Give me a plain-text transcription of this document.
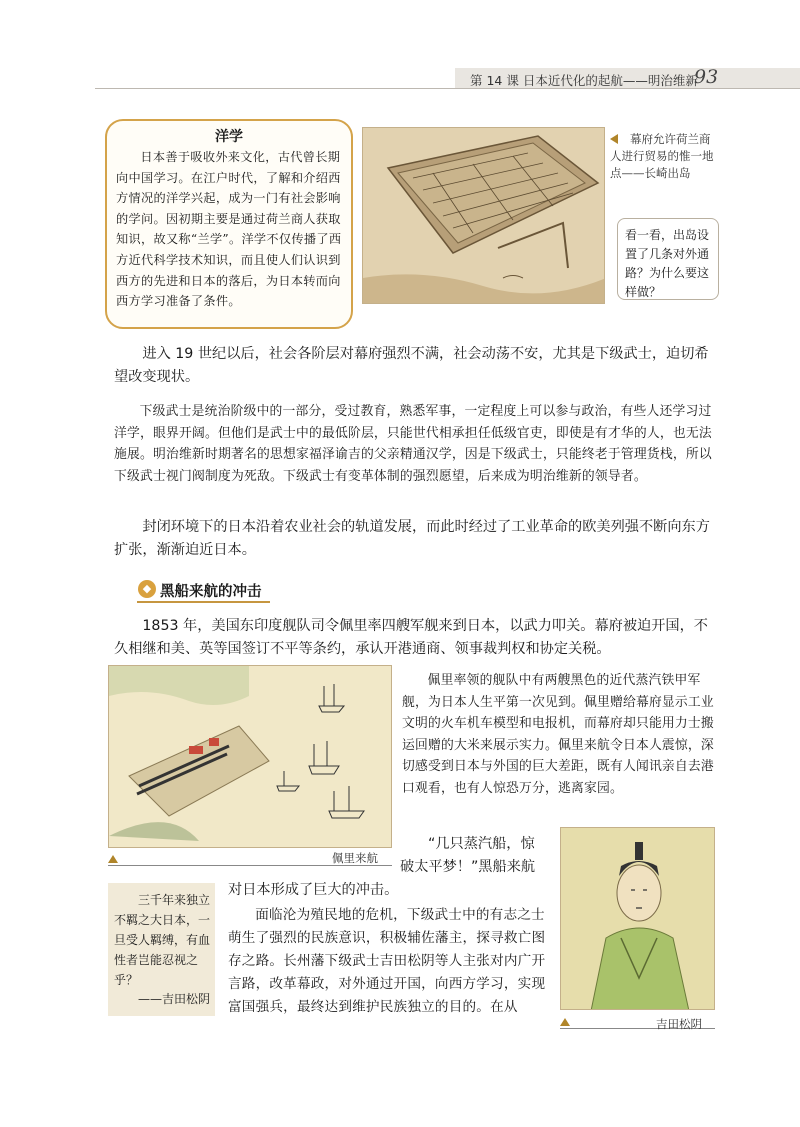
第 14 课 日本近代化的起航——明治维新
93
洋学

日本善于吸收外来文化，古代曾长期向中国学习。在江户时代，了解和介绍西方情况的洋学兴起，成为一门有社会影响的学问。因初期主要是通过荷兰商人获取知识，故又称“兰学”。洋学不仅传播了西方近代科学技术知识，而且使人们认识到西方的先进和日本的落后，为日本转而向西方学习准备了条件。

幕府允许荷兰商
人进行贸易的惟一地
点——长崎出岛
看一看，出岛设置了几条对外通路？为什么要这样做？

进入 19 世纪以后，社会各阶层对幕府强烈不满，社会动荡不安，尤其是下级武士，迫切希望改变现状。

下级武士是统治阶级中的一部分，受过教育，熟悉军事，一定程度上可以参与政治，有些人还学习过洋学，眼界开阔。但他们是武士中的最低阶层，只能世代相承担任低级官吏，即使是有才华的人，也无法施展。明治维新时期著名的思想家福泽谕吉的父亲精通汉学，因是下级武士，只能终老于管理货栈，所以下级武士视门阀制度为死敌。下级武士有变革体制的强烈愿望，后来成为明治维新的领导者。

封闭环境下的日本沿着农业社会的轨道发展，而此时经过了工业革命的欧美列强不断向东方扩张，渐渐迫近日本。

◆ 黑船来航的冲击

1853 年，美国东印度舰队司令佩里率四艘军舰来到日本，以武力叩关。幕府被迫开国，不久相继和美、英等国签订不平等条约，承认开港通商、领事裁判权和协定关税。

佩里来航

佩里率领的舰队中有两艘黑色的近代蒸汽铁甲军舰，为日本人生平第一次见到。佩里赠给幕府显示工业文明的火车机车模型和电报机，而幕府却只能用力士搬运回赠的大米来展示实力。佩里来航令日本人震惊，深切感受到日本与外国的巨大差距，既有人闻讯亲自去港口观看，也有人惊恐万分，逃离家园。

吉田松阴
“几只蒸汽船，惊
破太平梦！”黑船来航
对日本形成了巨大的冲击。

三千年来独立不羁之大日本，一旦受人羁缚，有血性者岂能忍视之乎？

——吉田松阴

面临沦为殖民地的危机，下级武士中的有志之士萌生了强烈的民族意识，积极辅佐藩主，探寻救亡图存之路。长州藩下级武士吉田松阴等人主张对内广开言路，改革幕政，对外通过开国，向西方学习，实现富国强兵，最终达到维护民族独立的目的。在从
